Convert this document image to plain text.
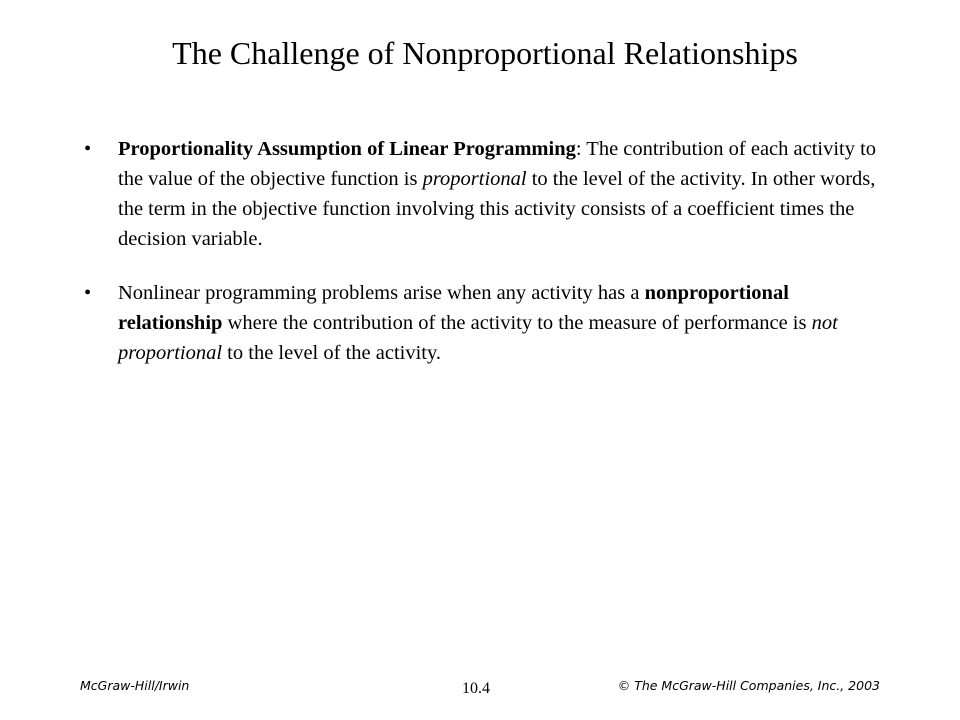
The Challenge of Nonproportional Relationships
• Proportionality Assumption of Linear Programming: The contribution of each activity to the value of the objective function is proportional to the level of the activity. In other words, the term in the objective function involving this activity consists of a coefficient times the decision variable.
• Nonlinear programming problems arise when any activity has a nonproportional relationship where the contribution of the activity to the measure of performance is not proportional to the level of the activity.
McGraw-Hill/Irwin	10.4	© The McGraw-Hill Companies, Inc., 2003
